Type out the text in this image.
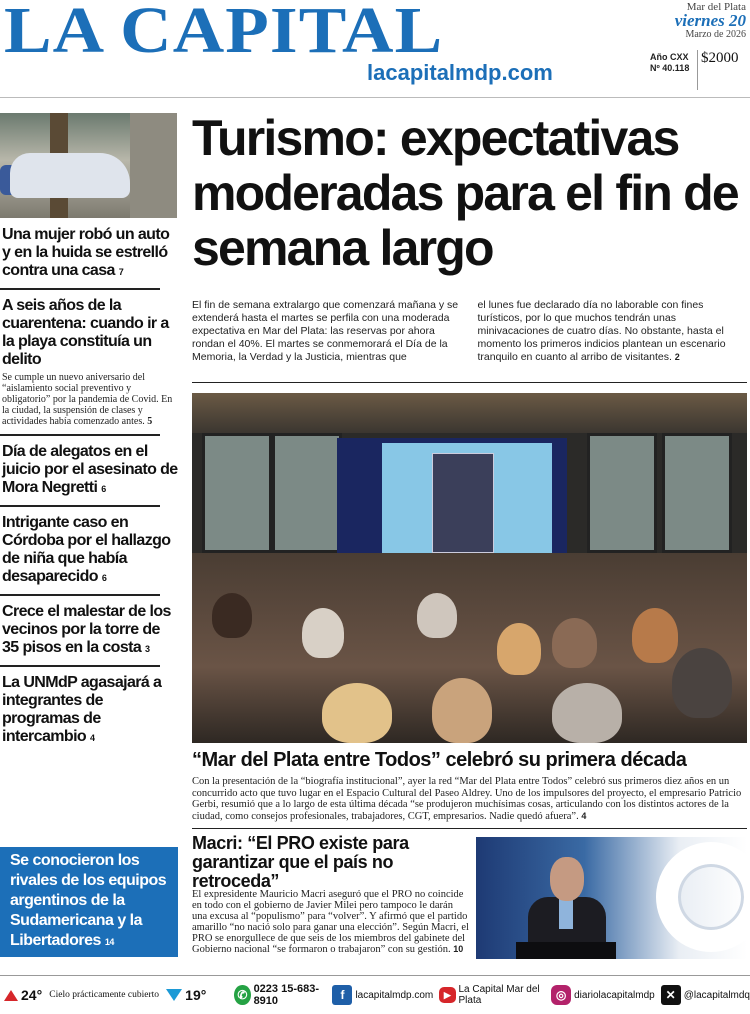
LA CAPITAL
lacapitalmdp.com
Mar del Plata
viernes 20
Marzo de 2026
Año CXX
Nº 40.118
$2000
Una mujer robó un auto y en la huida se estrelló contra una casa 7
A seis años de la cuarentena: cuando ir a la playa constituía un delito
Se cumple un nuevo aniversario del “aislamiento social preventivo y obligatorio” por la pandemia de Covid. En la ciudad, la suspensión de clases y actividades había comenzado antes. 5
Día de alegatos en el juicio por el asesinato de Mora Negretti 6
Intrigante caso en Córdoba por el hallazgo de niña que había desaparecido 6
Crece el malestar de los vecinos por la torre de 35 pisos en la costa 3
La UNMdP agasajará a integrantes de programas de intercambio 4
Se conocieron los rivales de los equipos argentinos de la Sudamericana y la Libertadores 14
Turismo: expectativas moderadas para el fin de semana largo

El fin de semana extralargo que comenzará mañana y se extenderá hasta el martes se perfila con una moderada expectativa en Mar del Plata: las reservas por ahora rondan el 40%. El martes se conmemorará el Día de la Memoria, la Verdad y la Justicia, mientras que

el lunes fue declarado día no laborable con fines turísticos, por lo que muchos tendrán unas minivacaciones de cuatro días. No obstante, hasta el momento los primeros indicios plantean un escenario tranquilo en cuanto al arribo de visitantes. 2

“Mar del Plata entre Todos” celebró su primera década
Con la presentación de la “biografía institucional”, ayer la red “Mar del Plata entre Todos” celebró sus primeros diez años en un concurrido acto que tuvo lugar en el Espacio Cultural del Paseo Aldrey. Uno de los impulsores del proyecto, el empresario Patricio Gerbi, resumió que a lo largo de esta última década “se produjeron muchísimas cosas, articulando con los distintos actores de la ciudad, como consejos profesionales, trabajadores, CGT, empresarios. Nadie quedó afuera”. 4
Macri: “El PRO existe para garantizar que el país no retroceda”
El expresidente Mauricio Macri aseguró que el PRO no coincide en todo con el gobierno de Javier Milei pero tampoco le darán una excusa al “populismo” para “volver”. Y afirmó que el partido amarillo “no nació solo para ganar una elección”. Según Macri, el PRO se enorgullece de que seis de los miembros del gabinete del Gobierno nacional “se formaron o trabajaron” con su gestión. 10
24° Cielo prácticamente cubierto 19°	✆ 0223 15-683-8910	f	lacapitalmdp.com	▶ La Capital Mar del Plata	◎ diariolacapitalmdp ✕ @lacapitalmdq
